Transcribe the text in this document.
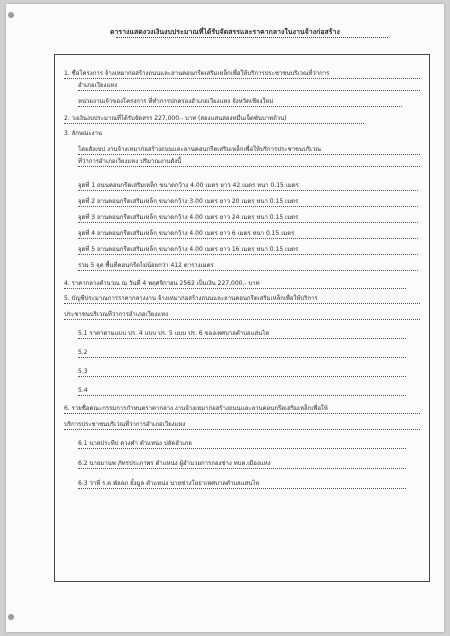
ตารางแสดงวงเงินงบประมาณที่ได้รับจัดสรรและราคากลางในงานจ้างก่อสร้าง
1. ชื่อโครงการ จ้างเหมาก่อสร้างถนนและลานคอนกรีตเสริมเหล็กเพื่อให้บริการประชาชนบริเวณที่ว่าการ
อำเภอเวียงแหง
หน่วยงานเจ้าของโครงการ ที่ทำการปกครองอำเภอเวียงแหง จังหวัดเชียงใหม่
2. วงเงินงบประมาณที่ได้รับจัดสรร 227,000.- บาท (สองแสนสองหมื่นเจ็ดพันบาทถ้วน)
3. ลักษณะงาน
โดยสังเขป งานจ้างเหมาก่อสร้างถนนและลานคอนกรีตเสริมเหล็กเพื่อให้บริการประชาชนบริเวณ
ที่ว่าการอำเภอเวียงแหง ปริมาณงานดังนี้
จุดที่ 1 ถนนคอนกรีตเสริมเหล็ก ขนาดกว้าง 4.00 เมตร ยาว 42 เมตร หนา 0.15 เมตร
จุดที่ 2 ลานคอนกรีตเสริมเหล็ก ขนาดกว้าง 3.00 เมตร ยาว 20 เมตร หนา 0.15 เมตร
จุดที่ 3 ลานคอนกรีตเสริมเหล็ก ขนาดกว้าง 4.00 เมตร ยาว 24 เมตร หนา 0.15 เมตร
จุดที่ 4 ลานคอนกรีตเสริมเหล็ก ขนาดกว้าง 4.00 เมตร ยาว 6 เมตร หนา 0.15 เมตร
จุดที่ 5 ลานคอนกรีตเสริมเหล็ก ขนาดกว้าง 4.00 เมตร ยาว 16 เมตร หนา 0.15 เมตร
รวม 5 จุด พื้นที่คอนกรีตไม่น้อยกว่า 412 ตารางเมตร
4. ราคากลางคำนวณ ณ วันที่ 4 พฤศจิกายน 2562 เป็นเงิน 227,000.- บาท
5. บัญชีประมาณการราคากลางงาน จ้างเหมาก่อสร้างถนนและลานคอนกรีตเสริมเหล็กเพื่อให้บริการ
ประชาชนบริเวณที่ว่าการอำเภอเวียงแหง
5.1 ราคาตามแบบ ปร. 4 แบบ ปร. 5 แบบ ปร. 6 ของเทศบาลตำบลแสนไห
5.2
5.3
5.4
6. รายชื่อคณะกรรมการกำหนดราคากลาง งานจ้างเหมาก่อสร้างถนนและลานคอนกรีตเสริมเหล็กเพื่อให้
บริการประชาชนบริเวณที่ว่าการอำเภอเวียงแหง
6.1 นายประทีป ดวงคำ ตำแหน่ง ปลัดอำเภอ
6.2 นายมานพ ภัทรประภาพร ตำแหน่ง ผู้อำนวยการกองช่าง ทบต.เมืองแหง
6.3 ว่าที่ ร.ต.พัลลภ ยั้งมูล ตำแหน่ง นายช่างโยธาเทศบาลตำบลแสนไห
